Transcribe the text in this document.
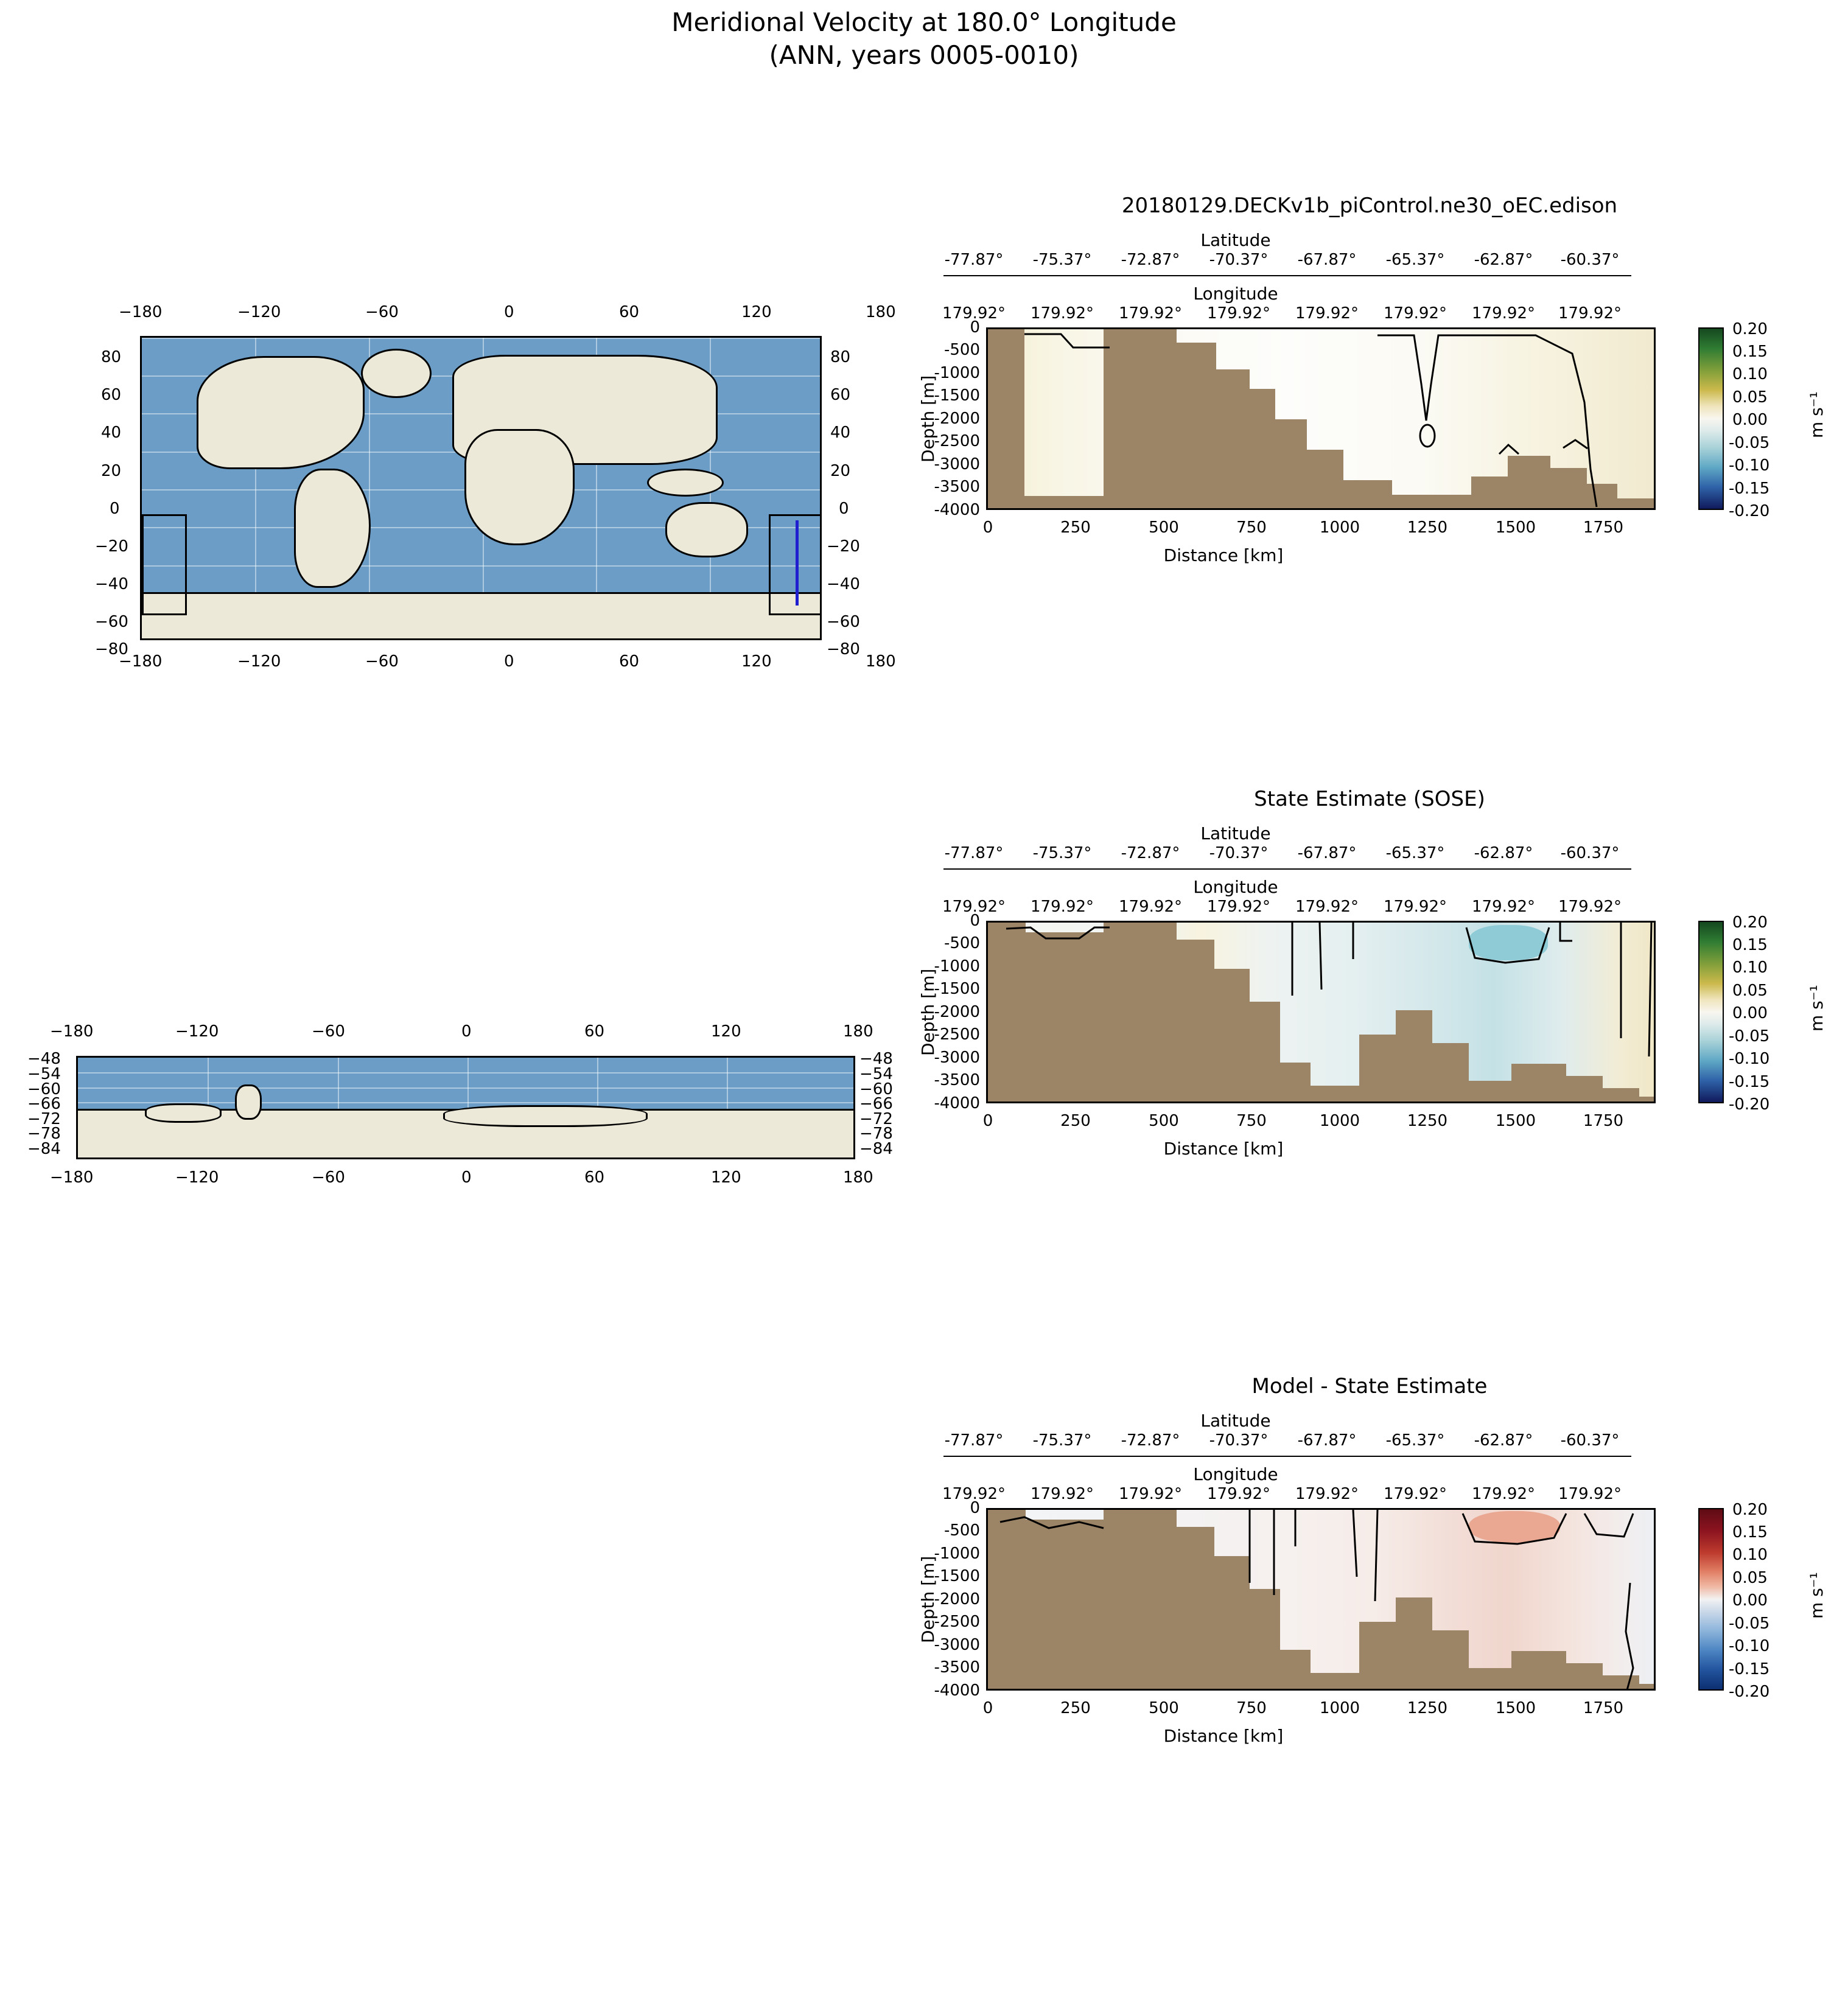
Meridional Velocity at 180.0° Longitude
(ANN, years 0005-0010)
−180	−120	−60	0	60	120	180
80
60
40
20
0
−20
−40
−60
−80
80
60
40
20
0
−20
−40
−60
−80
−180	−120	−60	0	60	120	180
−180	−120	−60	0	60	120	180
−48
−54
−60
−66
−72
−78
−84
−48
−54
−60
−66
−72
−78
−84
−180	−120	−60	0	60	120	180
20180129.DECKv1b_piControl.ne30_oEC.edison
Latitude
-77.87° -75.37° -72.87° -70.37° -67.87° -65.37° -62.87° -60.37°
Longitude
179.92° 179.92° 179.92° 179.92° 179.92° 179.92° 179.92° 179.92°
Depth [m]
0
-500
-1000
-1500
-2000
-2500
-3000
-3500
-4000
0	250	500	750	1000	1250	1500	1750
Distance [km]
0.20
0.15
0.10
0.05
0.00
-0.05
-0.10
-0.15
-0.20
m s⁻¹
State Estimate (SOSE)
Latitude
-77.87° -75.37° -72.87° -70.37° -67.87° -65.37° -62.87° -60.37°
Longitude
179.92° 179.92° 179.92° 179.92° 179.92° 179.92° 179.92° 179.92°
Depth [m]
0
-500
-1000
-1500
-2000
-2500
-3000
-3500
-4000
0	250	500	750	1000	1250	1500	1750
Distance [km]
0.20
0.15
0.10
0.05
0.00
-0.05
-0.10
-0.15
-0.20
m s⁻¹
Model - State Estimate
Latitude
-77.87° -75.37° -72.87° -70.37° -67.87° -65.37° -62.87° -60.37°
Longitude
179.92° 179.92° 179.92° 179.92° 179.92° 179.92° 179.92° 179.92°
Depth [m]
0
-500
-1000
-1500
-2000
-2500
-3000
-3500
-4000
0	250	500	750	1000	1250	1500	1750
Distance [km]
0.20
0.15
0.10
0.05
0.00
-0.05
-0.10
-0.15
-0.20
m s⁻¹
